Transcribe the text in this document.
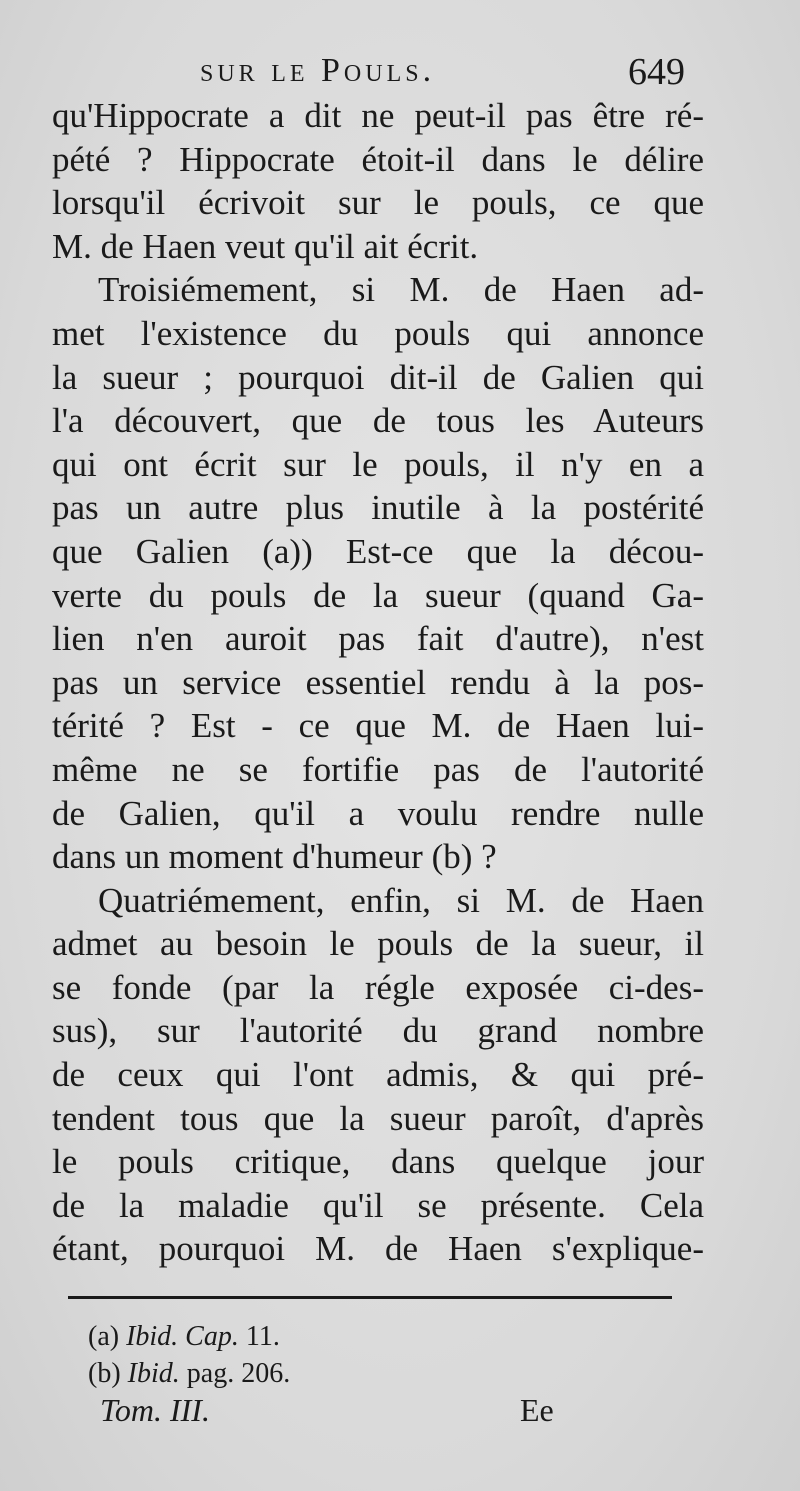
sur le Pouls.	649
qu'Hippocrate a dit ne peut-il pas être ré-
pété ? Hippocrate étoit-il dans le délire
lorsqu'il écrivoit sur le pouls, ce que
M. de Haen veut qu'il ait écrit.
Troisiémement, si M. de Haen ad-
met l'existence du pouls qui annonce
la sueur ; pourquoi dit-il de Galien qui
l'a découvert, que de tous les Auteurs
qui ont écrit sur le pouls, il n'y en a
pas un autre plus inutile à la postérité
que Galien (a)) Est-ce que la décou-
verte du pouls de la sueur (quand Ga-
lien n'en auroit pas fait d'autre), n'est
pas un service essentiel rendu à la pos-
térité ? Est - ce que M. de Haen lui-
même ne se fortifie pas de l'autorité
de Galien, qu'il a voulu rendre nulle
dans un moment d'humeur (b) ?
Quatriémement, enfin, si M. de Haen
admet au besoin le pouls de la sueur, il
se fonde (par la régle exposée ci-des-
sus), sur l'autorité du grand nombre
de ceux qui l'ont admis, & qui pré-
tendent tous que la sueur paroît, d'après
le pouls critique, dans quelque jour
de la maladie qu'il se présente. Cela
étant, pourquoi M. de Haen s'explique-
(a) Ibid. Cap. 11.
(b) Ibid. pag. 206.
Tom. III.	Ee
